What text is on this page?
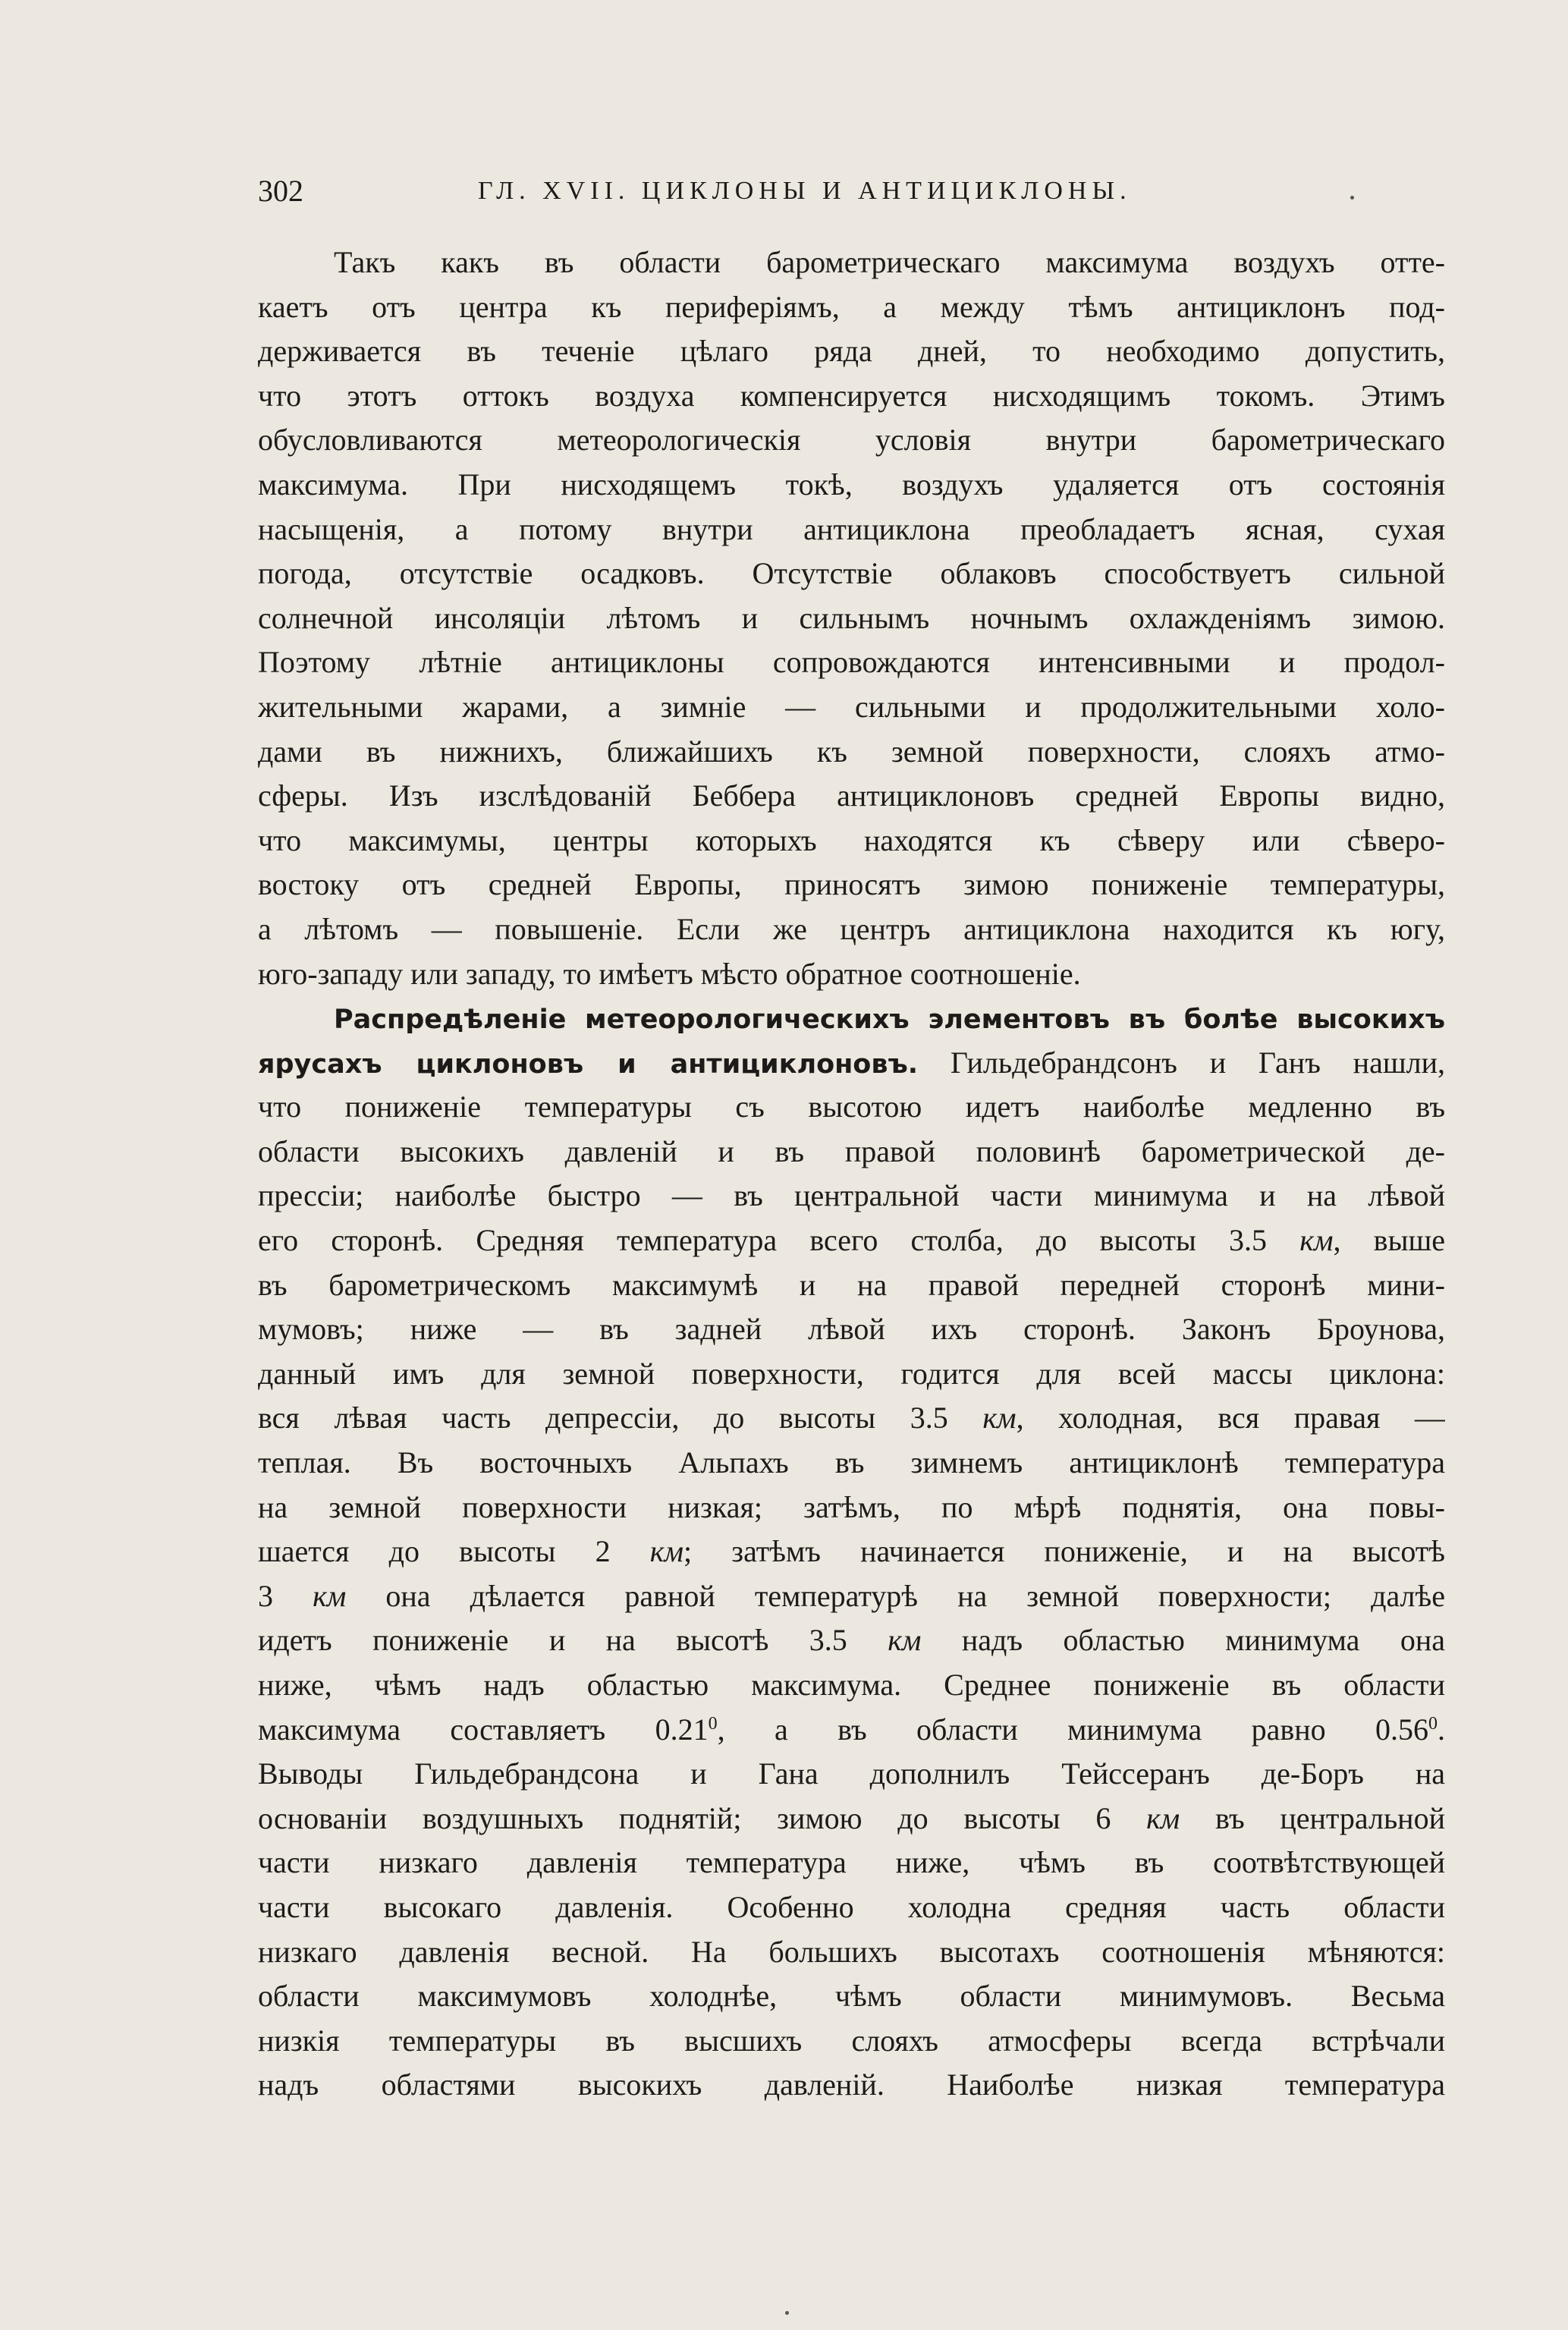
302	ГЛ. XVII. ЦИКЛОНЫ И АНТИЦИКЛОНЫ.
Такъ какъ въ области барометрическаго максимума воздухъ отте-
каетъ отъ центра къ периферiямъ, а между тѣмъ антициклонъ под-
держивается въ теченiе цѣлаго ряда дней, то необходимо допустить,
что этотъ оттокъ воздуха компенсируется нисходящимъ токомъ. Этимъ
обусловливаются метеорологическiя условiя внутри барометрическаго
максимума. При нисходящемъ токѣ, воздухъ удаляется отъ состоянiя
насыщенiя, а потому внутри антициклона преобладаетъ ясная, сухая
погода, отсутствiе осадковъ. Отсутствiе облаковъ способствуетъ сильной
солнечной инсоляцiи лѣтомъ и сильнымъ ночнымъ охлажденiямъ зимою.
Поэтому лѣтнiе антициклоны сопровождаются интенсивными и продол-
жительными жарами, а зимнiе — сильными и продолжительными холо-
дами въ нижнихъ, ближайшихъ къ земной поверхности, слояхъ атмо-
сферы. Изъ изслѣдованiй Беббера антициклоновъ средней Европы видно,
что максимумы, центры которыхъ находятся къ сѣверу или сѣверо-
востоку отъ средней Европы, приносятъ зимою пониженiе температуры,
а лѣтомъ — повышенiе. Если же центръ антициклона находится къ югу,
юго-западу или западу, то имѣетъ мѣсто обратное соотношенiе.
Распредѣленiе метеорологическихъ элементовъ въ болѣе высокихъ
ярусахъ циклоновъ и антициклоновъ. Гильдебрандсонъ и Ганъ нашли,
что пониженiе температуры съ высотою идетъ наиболѣе медленно въ
области высокихъ давленiй и въ правой половинѣ барометрической де-
прессiи; наиболѣе быстро — въ центральной части минимума и на лѣвой
его сторонѣ. Средняя температура всего столба, до высоты 3.5 км, выше
въ барометрическомъ максимумѣ и на правой передней сторонѣ мини-
мумовъ; ниже — въ задней лѣвой ихъ сторонѣ. Законъ Броунова,
данный имъ для земной поверхности, годится для всей массы циклона:
вся лѣвая часть депрессiи, до высоты 3.5 км, холодная, вся правая —
теплая. Въ восточныхъ Альпахъ въ зимнемъ антициклонѣ температура
на земной поверхности низкая; затѣмъ, по мѣрѣ поднятiя, она повы-
шается до высоты 2 км; затѣмъ начинается пониженiе, и на высотѣ
3 км она дѣлается равной температурѣ на земной поверхности; далѣе
идетъ пониженiе и на высотѣ 3.5 км надъ областью минимума она
ниже, чѣмъ надъ областью максимума. Среднее пониженiе въ области
максимума составляетъ 0.21$^0$, а въ области минимума равно 0.56$^0$.
Выводы Гильдебрандсона и Гана дополнилъ Тейссеранъ де-Боръ на
основанiи воздушныхъ поднятiй; зимою до высоты 6 км въ центральной
части низкаго давленiя температура ниже, чѣмъ въ соотвѣтствующей
части высокаго давленiя. Особенно холодна средняя часть области
низкаго давленiя весной. На большихъ высотахъ соотношенiя мѣняются:
области максимумовъ холоднѣе, чѣмъ области минимумовъ. Весьма
низкiя температуры въ высшихъ слояхъ атмосферы всегда встрѣчали
надъ областями высокихъ давленiй. Наиболѣе низкая температура
